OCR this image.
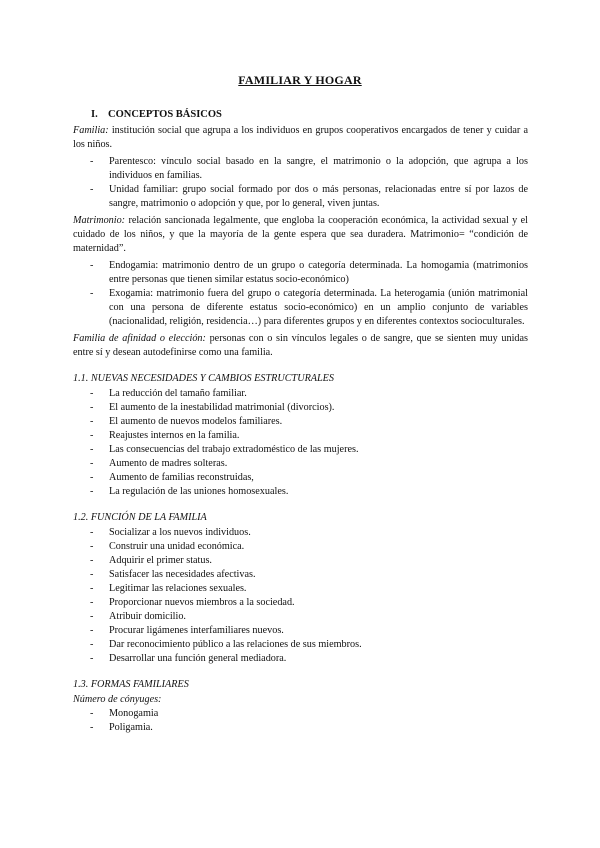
FAMILIAR Y HOGAR
I. CONCEPTOS BÁSICOS

Familia: institución social que agrupa a los individuos en grupos cooperativos encargados de tener y cuidar a los niños.

- Parentesco: vínculo social basado en la sangre, el matrimonio o la adopción, que agrupa a los individuos en familias.
- Unidad familiar: grupo social formado por dos o más personas, relacionadas entre sí por lazos de sangre, matrimonio o adopción y que, por lo general, viven juntas.

Matrimonio: relación sancionada legalmente, que engloba la cooperación económica, la actividad sexual y el cuidado de los niños, y que la mayoría de la gente espera que sea duradera. Matrimonio= “condición de maternidad”.

- Endogamia: matrimonio dentro de un grupo o categoría determinada. La homogamia (matrimonios entre personas que tienen similar estatus socio-económico)
- Exogamia: matrimonio fuera del grupo o categoría determinada. La heterogamia (unión matrimonial con una persona de diferente estatus socio-económico) en un amplio conjunto de variables (nacionalidad, religión, residencia…) para diferentes grupos y en diferentes contextos socioculturales.

Familia de afinidad o elección: personas con o sin vínculos legales o de sangre, que se sienten muy unidas entre sí y desean autodefinirse como una familia.

1.1. NUEVAS NECESIDADES Y CAMBIOS ESTRUCTURALES
- La reducción del tamaño familiar.
- El aumento de la inestabilidad matrimonial (divorcios).
- El aumento de nuevos modelos familiares.
- Reajustes internos en la familia.
- Las consecuencias del trabajo extradoméstico de las mujeres.
- Aumento de madres solteras.
- Aumento de familias reconstruidas,
- La regulación de las uniones homosexuales.
1.2. FUNCIÓN DE LA FAMILIA
- Socializar a los nuevos individuos.
- Construir una unidad económica.
- Adquirir el primer status.
- Satisfacer las necesidades afectivas.
- Legitimar las relaciones sexuales.
- Proporcionar nuevos miembros a la sociedad.
- Atribuir domicilio.
- Procurar ligámenes interfamiliares nuevos.
- Dar reconocimiento público a las relaciones de sus miembros.
- Desarrollar una función general mediadora.
1.3. FORMAS FAMILIARES
Número de cónyuges:
- Monogamia
- Poligamia.
